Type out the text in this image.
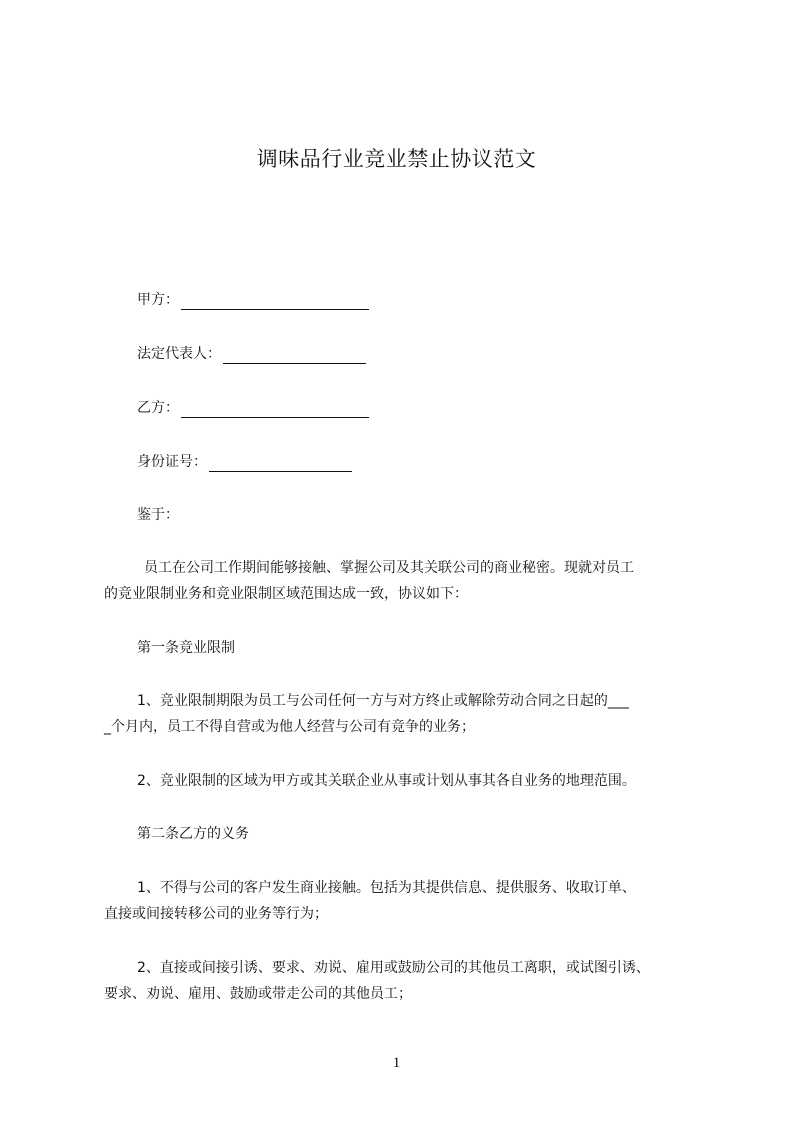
调味品行业竞业禁止协议范文
甲方：
法定代表人：
乙方：
身份证号：
鉴于：
员工在公司工作期间能够接触、掌握公司及其关联公司的商业秘密。现就对员工
的竞业限制业务和竞业限制区域范围达成一致，协议如下：
第一条竞业限制
1、竞业限制期限为员工与公司任何一方与对方终止或解除劳动合同之日起的___
_个月内，员工不得自营或为他人经营与公司有竞争的业务；
2、竞业限制的区域为甲方或其关联企业从事或计划从事其各自业务的地理范围。
第二条乙方的义务
1、不得与公司的客户发生商业接触。包括为其提供信息、提供服务、收取订单、
直接或间接转移公司的业务等行为；
2、直接或间接引诱、要求、劝说、雇用或鼓励公司的其他员工离职，或试图引诱、
要求、劝说、雇用、鼓励或带走公司的其他员工；
1
